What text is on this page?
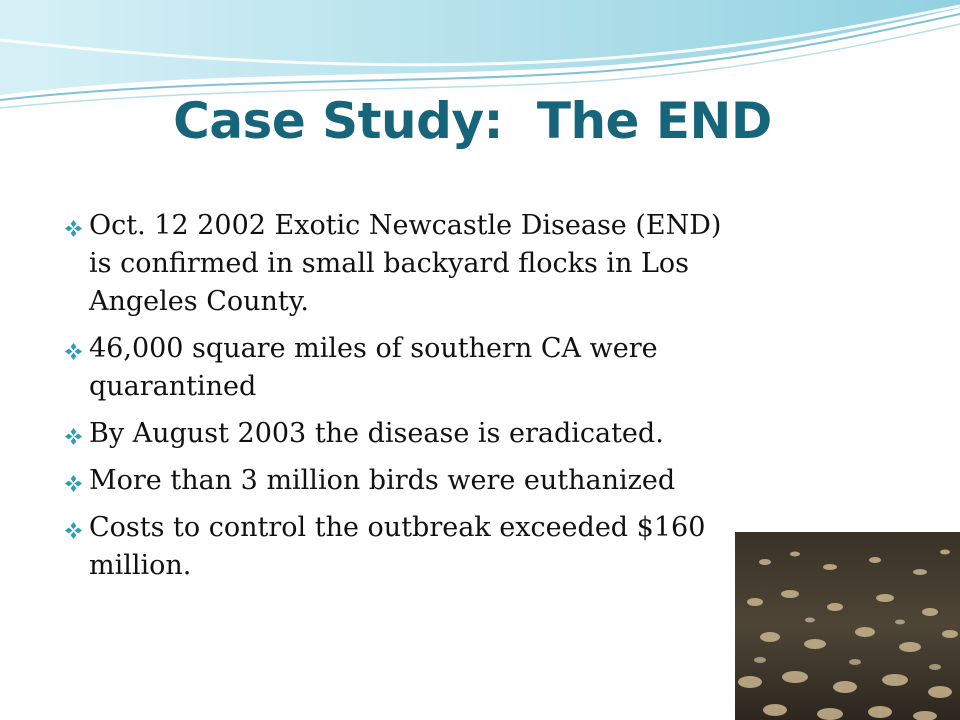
Case Study:  The END
Oct. 12 2002 Exotic Newcastle Disease (END) is confirmed in small backyard flocks in Los Angeles County.
46,000 square miles of southern CA were quarantined
By August 2003 the disease is eradicated.
More than 3 million birds were euthanized
Costs to control the outbreak exceeded $160 million.
